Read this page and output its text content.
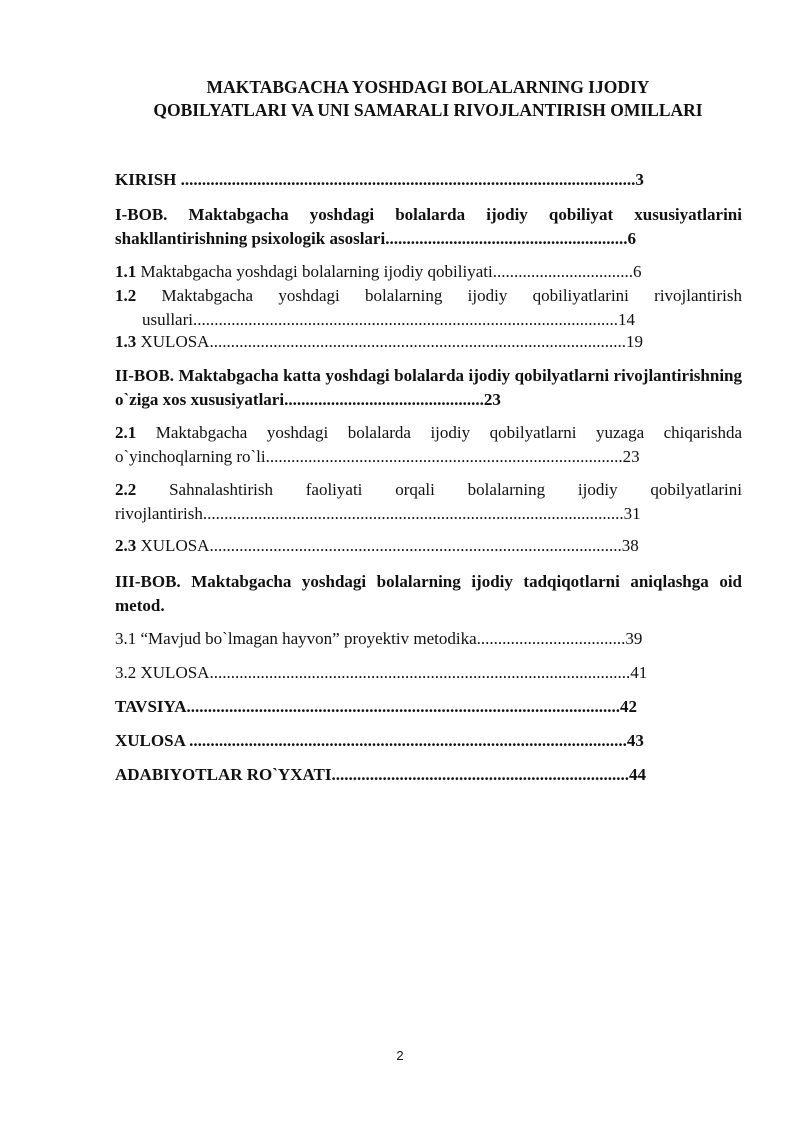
MAKTABGACHA YOSHDAGI BOLALARNING IJODIY
QOBILYATLARI VA UNI SAMARALI RIVOJLANTIRISH OMILLARI
KIRISH ...........................................................................................................3
I-BOB. Maktabgacha yoshdagi bolalarda ijodiy qobiliyat xususiyatlarini shakllantirishning psixologik asoslari.........................................................6
1.1 Maktabgacha yoshdagi bolalarning ijodiy qobiliyati.................................6
1.2 Maktabgacha yoshdagi bolalarning ijodiy qobiliyatlarini rivojlantirish usullari....................................................................................................14
1.3 XULOSA..................................................................................................19
II-BOB. Maktabgacha katta yoshdagi bolalarda ijodiy qobilyatlarni rivojlantirishning o`ziga xos xususiyatlari...............................................23
2.1 Maktabgacha yoshdagi bolalarda ijodiy qobilyatlarni yuzaga chiqarishda o`yinchoqlarning ro`li....................................................................................23
2.2 Sahnalashtirish faoliyati orqali bolalarning ijodiy qobilyatlarini rivojlantirish...................................................................................................31
2.3 XULOSA.................................................................................................38
III-BOB. Maktabgacha yoshdagi bolalarning ijodiy tadqiqotlarni aniqlashga oid metod.
3.1 “Mavjud bo`lmagan hayvon” proyektiv metodika...................................39
3.2 XULOSA...................................................................................................41
TAVSIYA......................................................................................................42
XULOSA .......................................................................................................43
ADABIYOTLAR RO`YXATI......................................................................44
2
